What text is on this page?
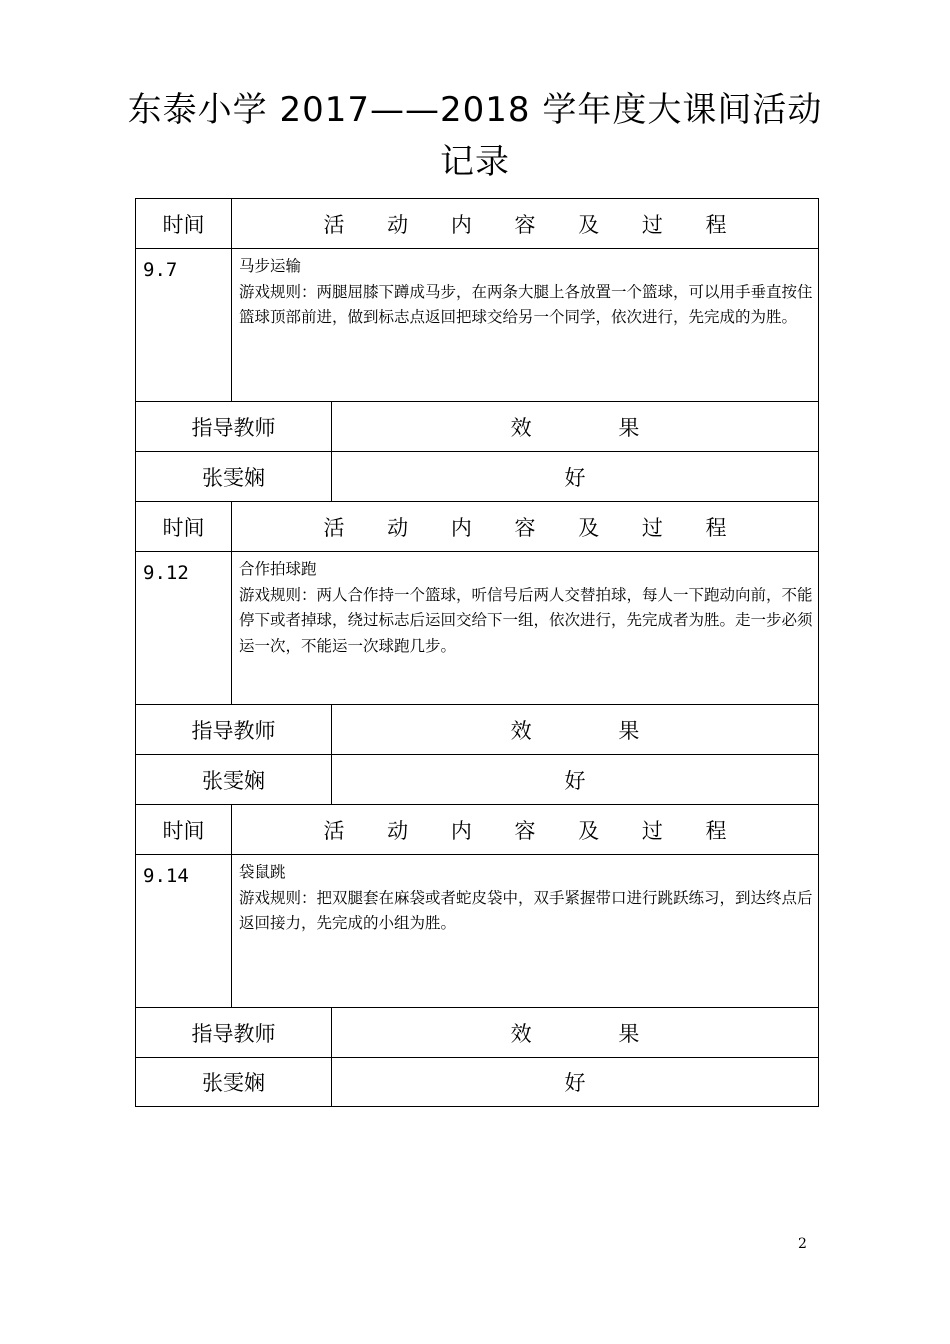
东泰小学 2017——2018 学年度大课间活动
记录
时间	活 动 内 容 及 过 程
9.7	马步运输
游戏规则：两腿屈膝下蹲成马步，在两条大腿上各放置一个篮球，可以用手垂直按住篮球顶部前进，做到标志点返回把球交给另一个同学，依次进行，先完成的为胜。
指导教师	效 果
张雯娴	好
时间	活 动 内 容 及 过 程
9.12	合作拍球跑
游戏规则：两人合作持一个篮球，听信号后两人交替拍球，每人一下跑动向前，不能停下或者掉球，绕过标志后运回交给下一组，依次进行，先完成者为胜。走一步必须运一次，不能运一次球跑几步。
指导教师	效 果
张雯娴	好
时间	活 动 内 容 及 过 程
9.14	袋鼠跳
游戏规则：把双腿套在麻袋或者蛇皮袋中，双手紧握带口进行跳跃练习，到达终点后返回接力，先完成的小组为胜。
指导教师	效 果
张雯娴	好
2
